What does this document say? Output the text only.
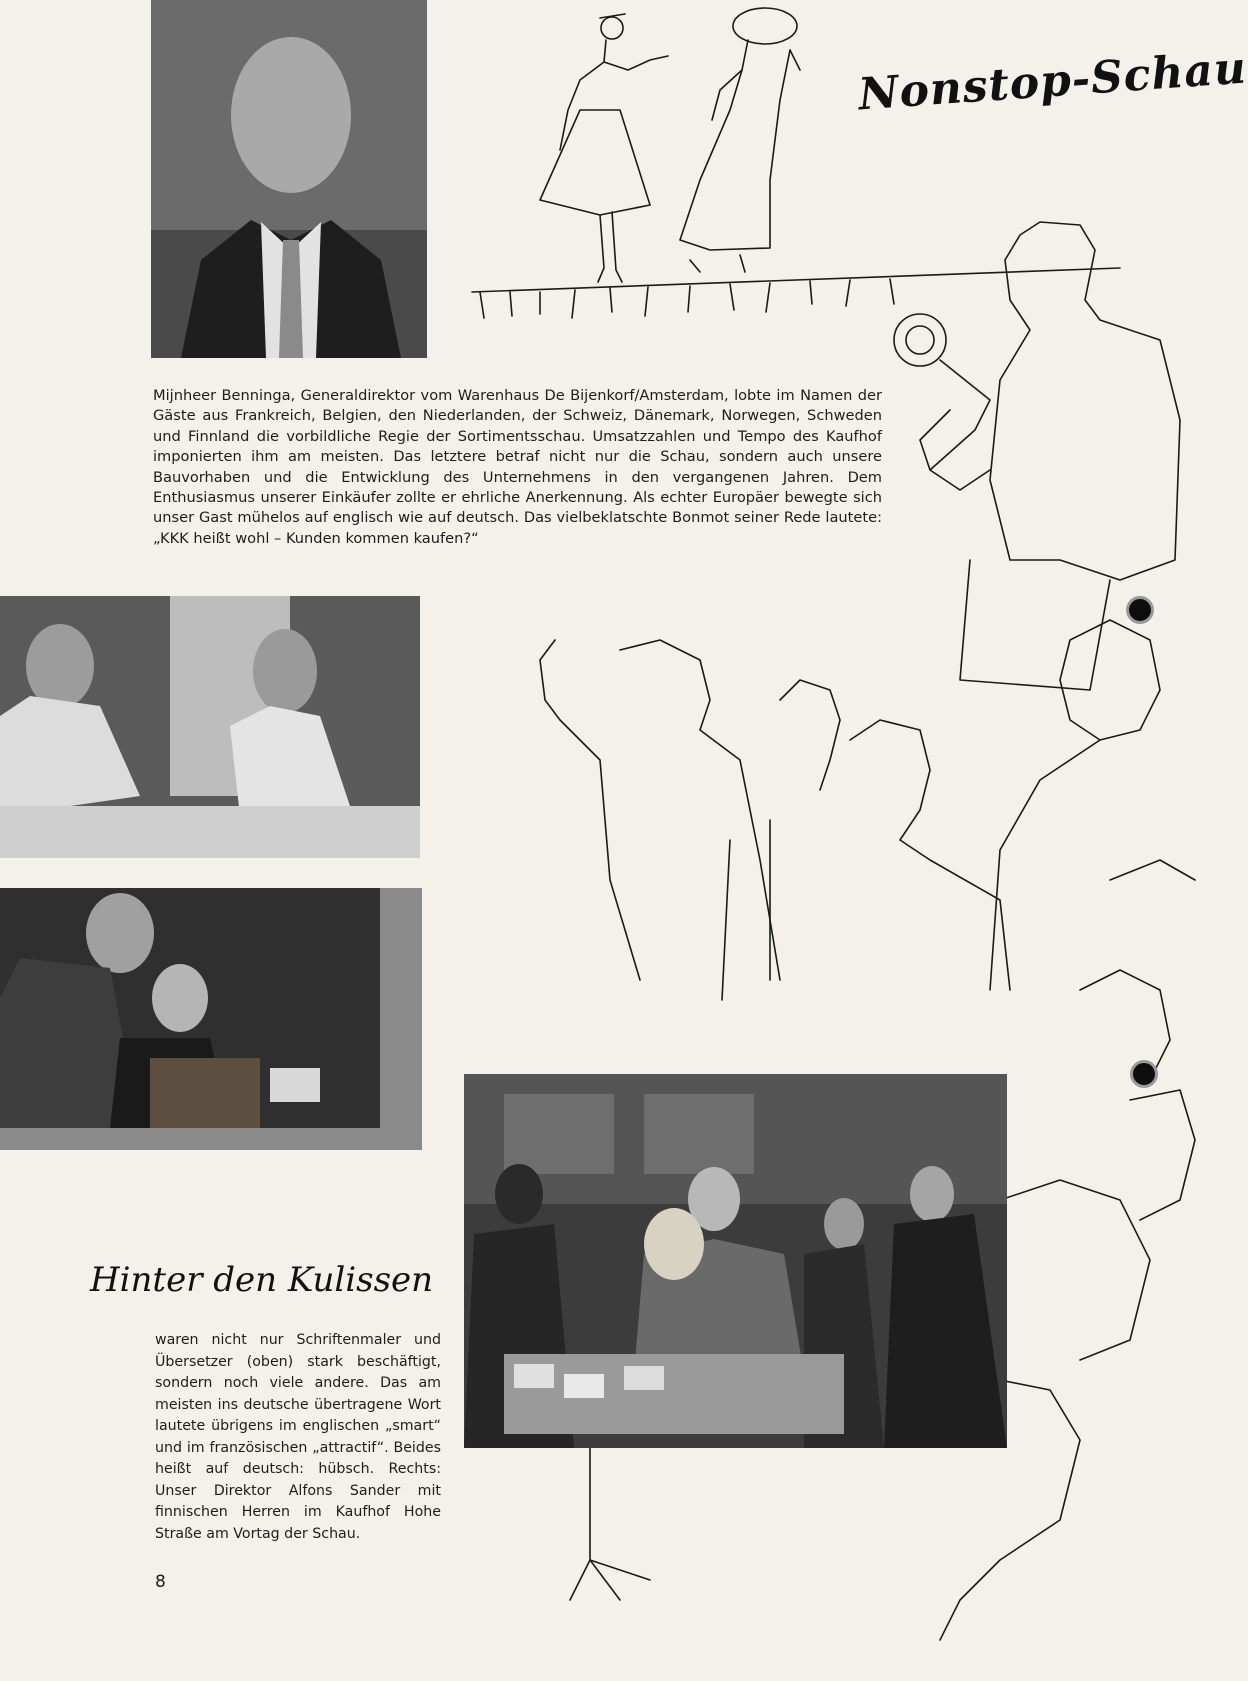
Nonstop-Schau
Hinter den Kulissen
Mijnheer Benninga, Generaldirektor vom Warenhaus De Bijenkorf/Amsterdam, lobte im Namen der Gäste aus Frankreich, Belgien, den Niederlanden, der Schweiz, Dänemark, Norwegen, Schweden und Finnland die vorbildliche Regie der Sortimentsschau. Umsatzzahlen und Tempo des Kaufhof imponierten ihm am meisten. Das letztere betraf nicht nur die Schau, sondern auch unsere Bauvorhaben und die Entwicklung des Unternehmens in den vergangenen Jahren. Dem Enthusiasmus unserer Einkäufer zollte er ehrliche Anerkennung. Als echter Europäer bewegte sich unser Gast mühelos auf englisch wie auf deutsch. Das vielbeklatschte Bonmot seiner Rede lautete: „KKK heißt wohl – Kunden kommen kaufen?“
waren nicht nur Schriftenmaler und Übersetzer (oben) stark beschäftigt, sondern noch viele andere. Das am meisten ins deutsche übertragene Wort lautete übrigens im englischen „smart“ und im französischen „attractif“. Beides heißt auf deutsch: hübsch. Rechts: Unser Direktor Alfons Sander mit finnischen Herren im Kaufhof Hohe Straße am Vortag der Schau.
8
